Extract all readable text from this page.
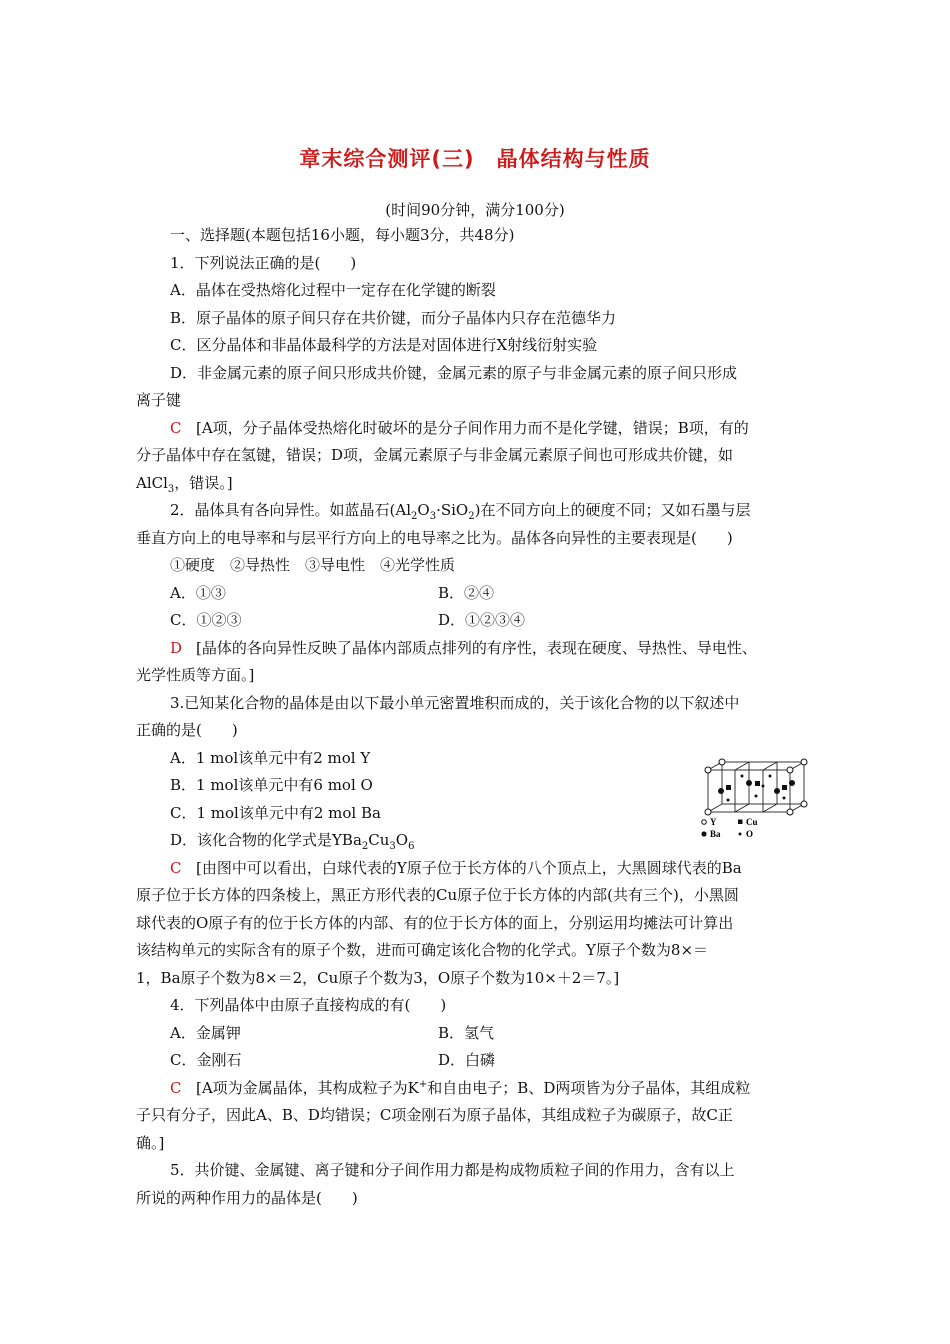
章末综合测评(三)　晶体结构与性质
(时间90分钟，满分100分)
一、选择题(本题包括16小题，每小题3分，共48分)
1．下列说法正确的是(　　)
A．晶体在受热熔化过程中一定存在化学键的断裂
B．原子晶体的原子间只存在共价键，而分子晶体内只存在范德华力
C．区分晶体和非晶体最科学的方法是对固体进行X射线衍射实验
D．非金属元素的原子间只形成共价键，金属元素的原子与非金属元素的原子间只形成
离子键
C [A项，分子晶体受热熔化时破坏的是分子间作用力而不是化学键，错误；B项，有的
分子晶体中存在氢键，错误；D项，金属元素原子与非金属元素原子间也可形成共价键，如
AlCl$_3$，错误。]
2．晶体具有各向异性。如蓝晶石$(Al_2O_3\cdot SiO_2)$在不同方向上的硬度不同；又如石墨与层
垂直方向上的电导率和与层平行方向上的电导率之比为。晶体各向异性的主要表现是(　　)
①硬度　②导热性　③导电性　④光学性质
A．①③	B．②④
C．①②③	D．①②③④
D [晶体的各向异性反映了晶体内部质点排列的有序性，表现在硬度、导热性、导电性、
光学性质等方面。]
3.已知某化合物的晶体是由以下最小单元密置堆积而成的，关于该化合物的以下叙述中
正确的是(　　)
A．1 mol该单元中有2 mol Y
B．1 mol该单元中有6 mol O
C．1 mol该单元中有2 mol Ba
D．该化合物的化学式是$YBa_2Cu_3O_6$
Y	Cu
Ba	O
C [由图中可以看出，白球代表的Y原子位于长方体的八个顶点上，大黑圆球代表的Ba
原子位于长方体的四条棱上，黑正方形代表的Cu原子位于长方体的内部(共有三个)，小黑圆
球代表的O原子有的位于长方体的内部、有的位于长方体的面上，分别运用均摊法可计算出
该结构单元的实际含有的原子个数，进而可确定该化合物的化学式。Y原子个数为8×＝
1，Ba原子个数为8×＝2，Cu原子个数为3，O原子个数为10×＋2＝7。]
4．下列晶体中由原子直接构成的有(　　)
A．金属钾	B．氢气
C．金刚石	D．白磷
C [A项为金属晶体，其构成粒子为K+和自由电子；B、D两项皆为分子晶体，其组成粒
子只有分子，因此A、B、D均错误；C项金刚石为原子晶体，其组成粒子为碳原子，故C正
确。]
5．共价键、金属键、离子键和分子间作用力都是构成物质粒子间的作用力，含有以上
所说的两种作用力的晶体是(　　)
